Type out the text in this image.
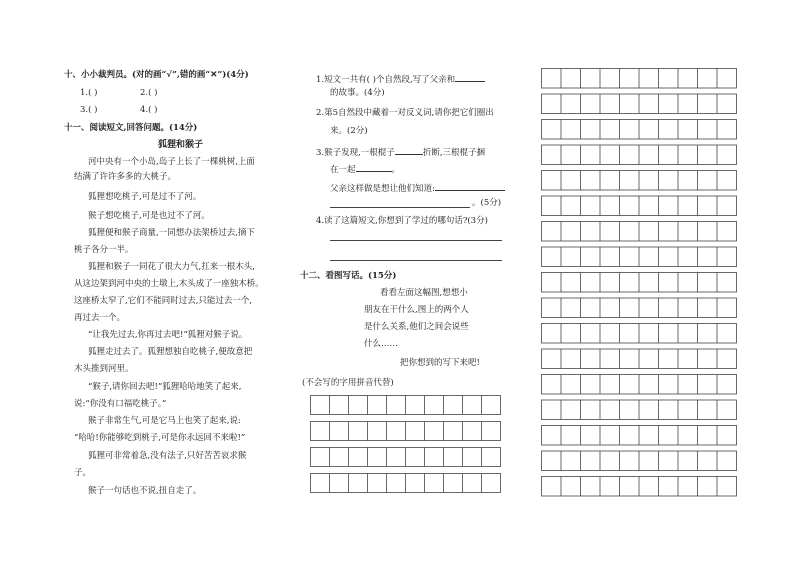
十、小小裁判员。(对的画“√”,错的画“✕”)(4分)
1.( )	2.( )
3.( )	4.( )
十一、阅读短文,回答问题。(14分)
狐狸和猴子
河中央有一个小岛,岛子上长了一棵桃树,上面
结满了许许多多的大桃子。
狐狸想吃桃子,可是过不了河。
猴子想吃桃子,可是也过不了河。
狐狸便和猴子商量,一同想办法架桥过去,摘下
桃子各分一半。
狐狸和猴子一同花了很大力气,扛来一根木头,
从这边架到河中央的土墩上,木头成了一座独木桥。
这座桥太窄了,它们不能同时过去,只能过去一个,
再过去一个。
“让我先过去,你再过去吧!”狐狸对猴子说。
狐狸走过去了。狐狸想独自吃桃子,便故意把
木头推到河里。
“猴子,请你回去吧!”狐狸哈哈地笑了起来,
说:“你没有口福吃桃子。”
猴子非常生气,可是它马上也笑了起来,说:
“哈哈!你能够吃到桃子,可是你永远回不来啦!”
狐狸可非常着急,没有法子,只好苦苦哀求猴
子。
猴子一句话也不说,扭自走了。
1.短文一共有( )个自然段,写了父亲和
的故事。(4分)
2.第5自然段中藏着一对反义词,请你把它们圈出
来。(2分)
3.猴子发现,一根棍子	折断,三根棍子捆
在一起	。
父亲这样做是想让他们知道:
。(5分)
4.读了这篇短文,你想到了学过的哪句话?(3分)
十二、看图写话。(15分)
看看左面这幅图,想想小
朋友在干什么,图上的两个人
是什么关系,他们之间会说些
什么……
把你想到的写下来吧!
(不会写的字用拼音代替)
